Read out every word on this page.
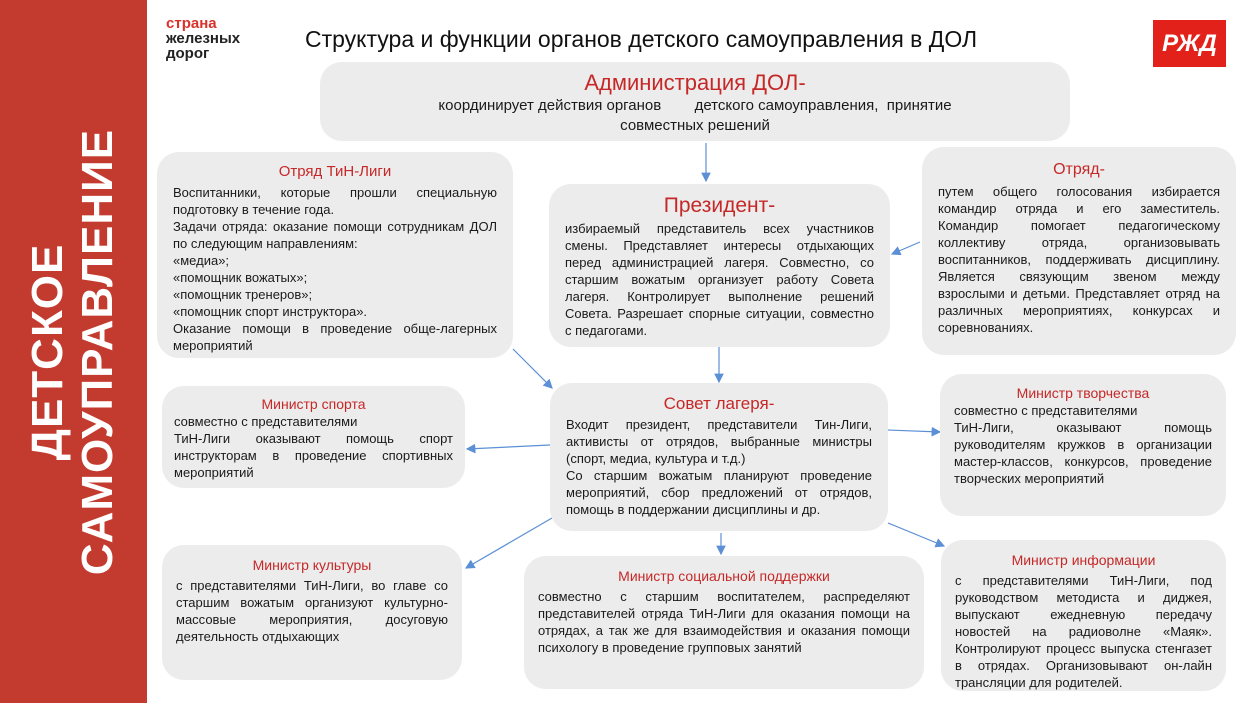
ДЕТСКОЕ САМОУПРАВЛЕНИЕ
страна
железных
дорог
Структура и функции органов детского самоуправления в ДОЛ	РЖД
Администрация ДОЛ-
координирует действия органов        детского самоуправления,  принятие
совместных решений
Отряд ТиН-Лиги
Воспитанники, которые прошли специальную подготовку в течение года.
Задачи отряда: оказание помощи сотрудникам ДОЛ по следующим направлениям:
«медиа»;
«помощник вожатых»;
«помощник тренеров»;
«помощник спорт инструктора».
Оказание помощи в проведение обще-лагерных мероприятий
Президент-
избираемый представитель всех участников смены. Представляет интересы отдыхающих перед администрацией лагеря. Совместно, со старшим вожатым организует работу Совета лагеря. Контролирует выполнение решений Совета. Разрешает спорные ситуации, совместно с педагогами.
Отряд-
путем общего голосования избирается командир отряда и его заместитель. Командир помогает педагогическому коллективу отряда, организовывать воспитанников, поддерживать дисциплину. Является связующим звеном между взрослыми и детьми. Представляет отряд на различных мероприятиях, конкурсах и соревнованиях.
Совет лагеря-
Входит президент, представители Тин-Лиги, активисты от отрядов, выбранные министры (спорт, медиа, культура и т.д.)
Со старшим вожатым планируют проведение мероприятий, сбор предложений от отрядов, помощь в поддержании дисциплины и др.
Министр спорта
совместно с представителями
ТиН-Лиги оказывают помощь спорт инструкторам в проведение спортивных мероприятий
Министр творчества
совместно с представителями
ТиН-Лиги, оказывают помощь руководителям кружков в организации мастер-классов, конкурсов, проведение творческих мероприятий
Министр культуры
с представителями ТиН-Лиги, во главе со старшим вожатым организуют культурно-массовые мероприятия, досуговую деятельность отдыхающих
Министр социальной поддержки
совместно с старшим воспитателем, распределяют представителей отряда ТиН-Лиги для оказания помощи на отрядах, а так же для взаимодействия и оказания помощи психологу в проведение групповых занятий
Министр информации
с представителями ТиН-Лиги, под руководством методиста и диджея, выпускают ежедневную передачу новостей на радиоволне «Маяк». Контролируют процесс выпуска стенгазет в отрядах. Организовывают он-лайн трансляции для родителей.
